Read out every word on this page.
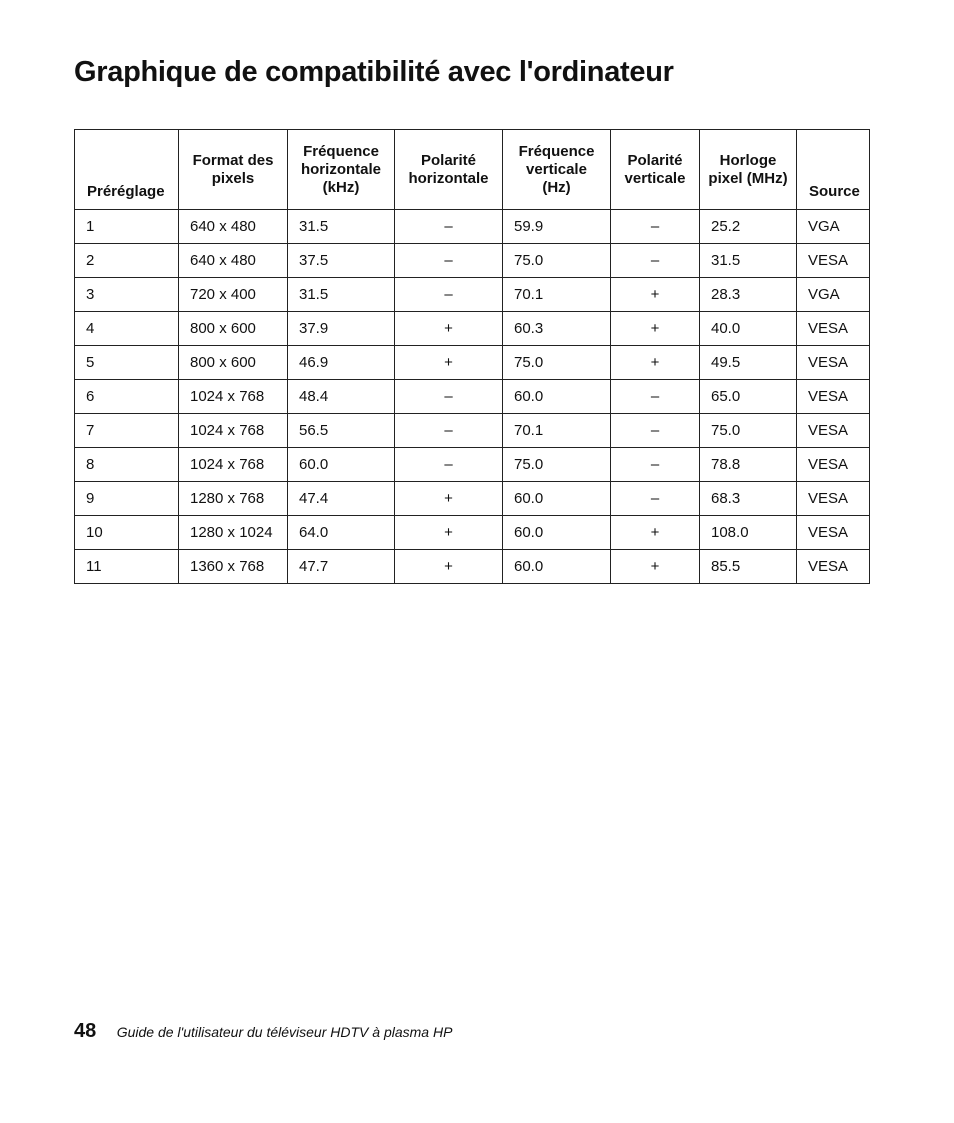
Graphique de compatibilité avec l'ordinateur
Préréglage	Format des pixels	Fréquence horizontale (kHz)	Polarité horizontale	Fréquence verticale (Hz)	Polarité verticale	Horloge pixel (MHz)	Source
1	640 x 480	31.5	–	59.9	–	25.2	VGA
2	640 x 480	37.5	–	75.0	–	31.5	VESA
3	720 x 400	31.5	–	70.1	+	28.3	VGA
4	800 x 600	37.9	+	60.3	+	40.0	VESA
5	800 x 600	46.9	+	75.0	+	49.5	VESA
6	1024 x 768	48.4	–	60.0	–	65.0	VESA
7	1024 x 768	56.5	–	70.1	–	75.0	VESA
8	1024 x 768	60.0	–	75.0	–	78.8	VESA
9	1280 x 768	47.4	+	60.0	–	68.3	VESA
10	1280 x 1024	64.0	+	60.0	+	108.0	VESA
11	1360 x 768	47.7	+	60.0	+	85.5	VESA
48 Guide de l'utilisateur du téléviseur HDTV à plasma HP
